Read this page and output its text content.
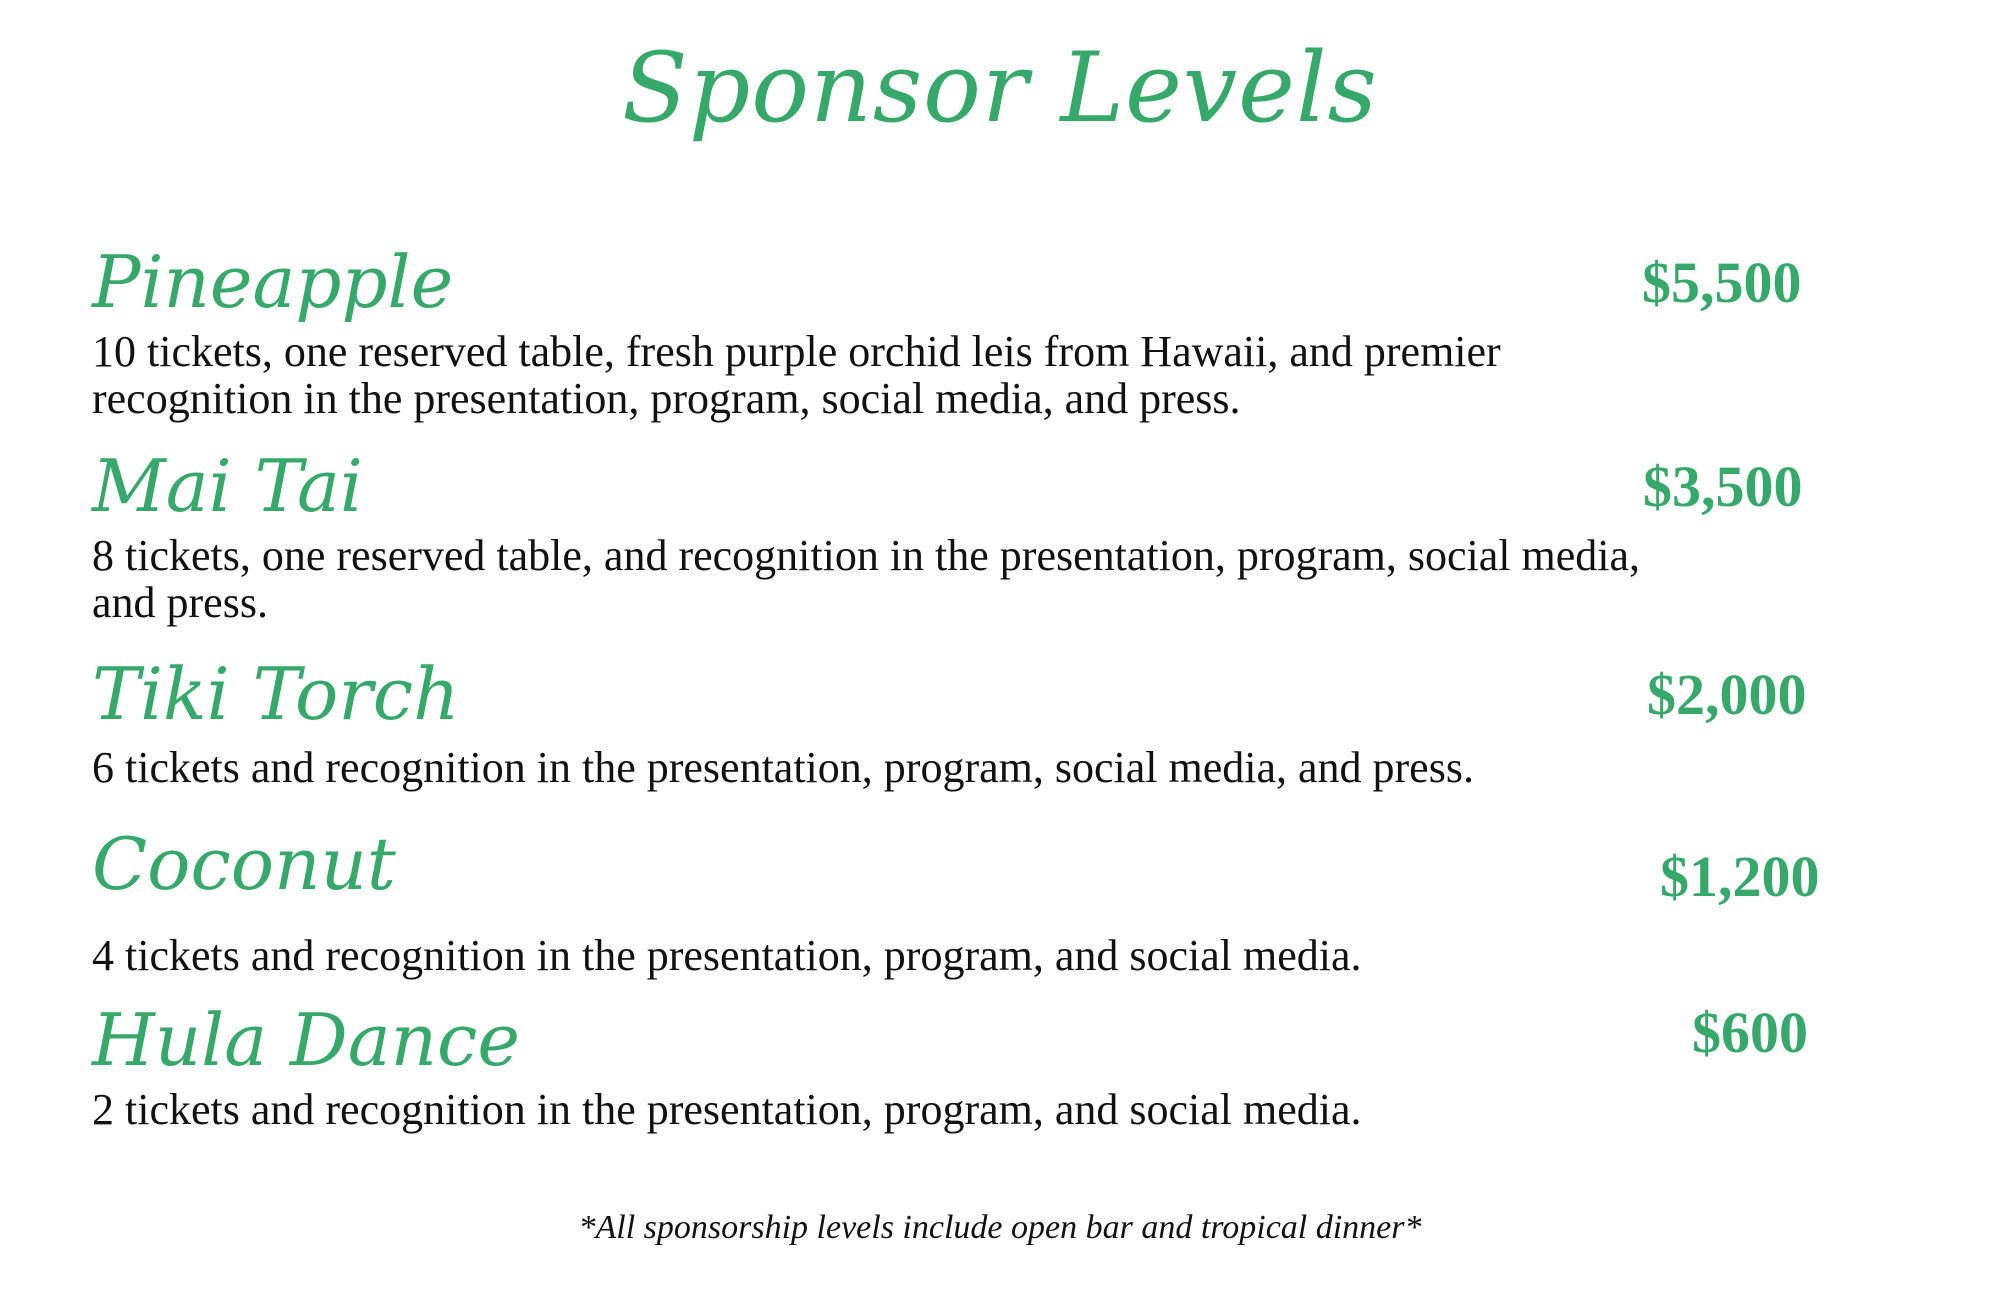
Sponsor Levels
Pineapple	$5,500
10 tickets, one reserved table, fresh purple orchid leis from Hawaii, and premier recognition in the presentation, program, social media, and press.
Mai Tai	$3,500
8 tickets, one reserved table, and recognition in the presentation, program, social media, and press.
Tiki Torch	$2,000
6 tickets and recognition in the presentation, program, social media, and press.
Coconut	$1,200
4 tickets and recognition in the presentation, program, and social media.
Hula Dance	$600
2 tickets and recognition in the presentation, program, and social media.
*All sponsorship levels include open bar and tropical dinner*
